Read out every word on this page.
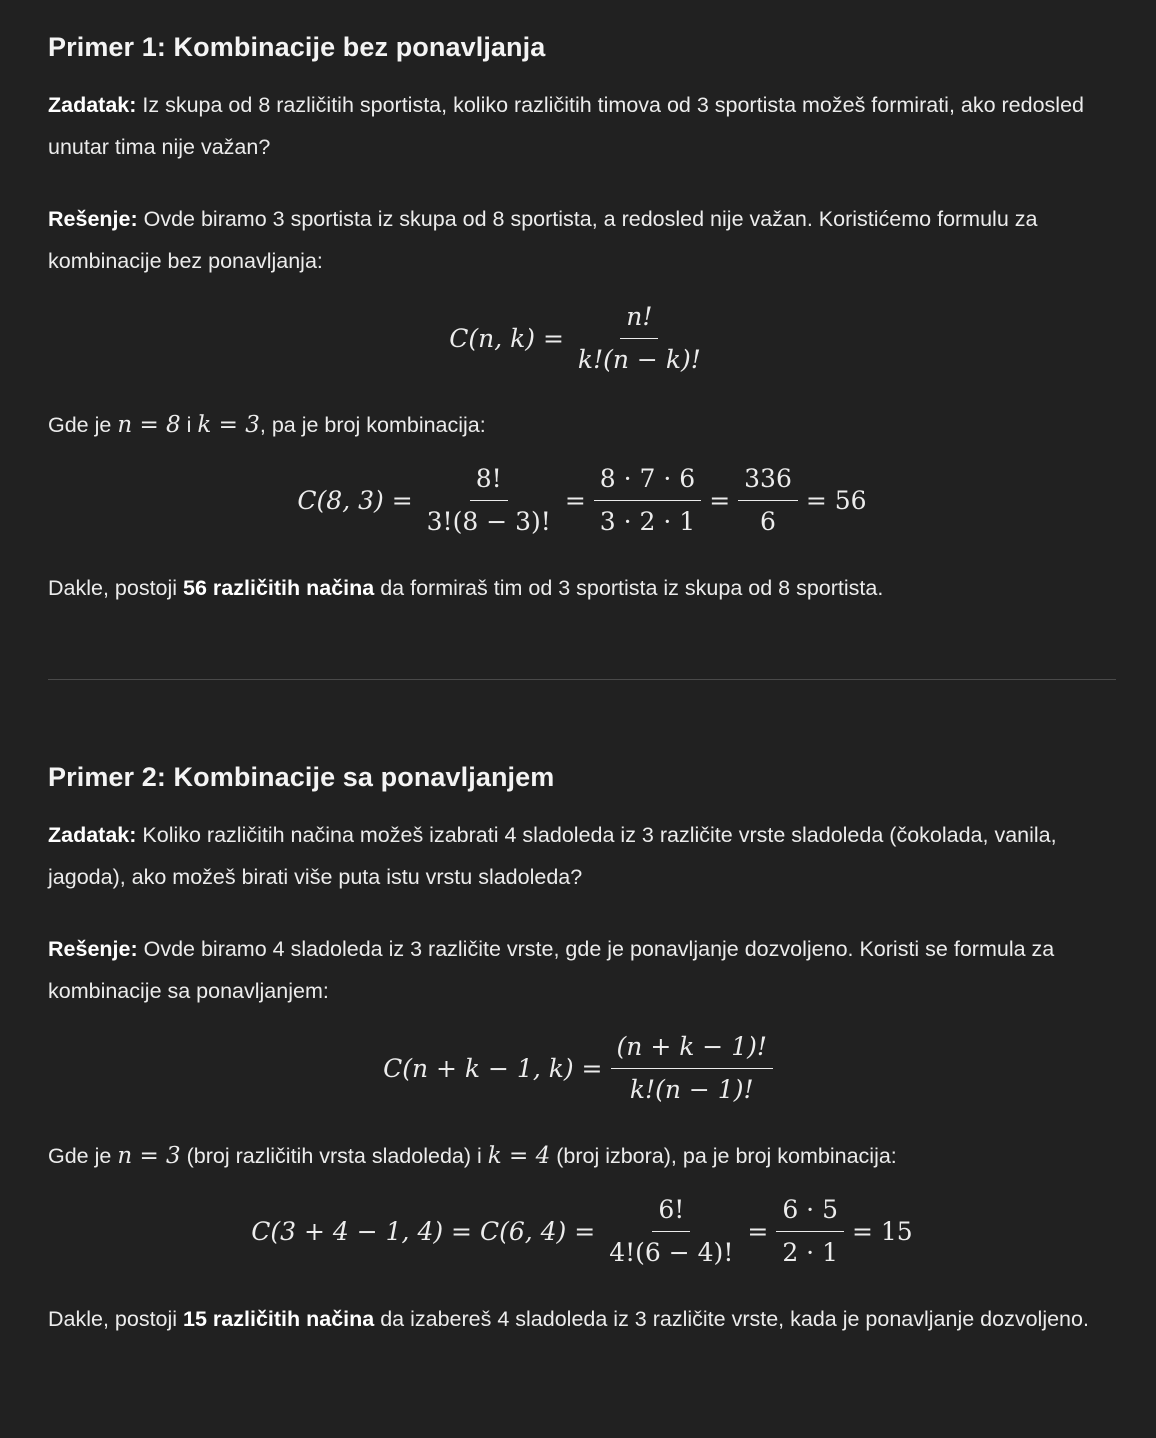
Primer 1: Kombinacije bez ponavljanja
Zadatak: Iz skupa od 8 različitih sportista, koliko različitih timova od 3 sportista možeš formirati, ako redosled unutar tima nije važan?
Rešenje: Ovde biramo 3 sportista iz skupa od 8 sportista, a redosled nije važan. Koristićemo formulu za kombinacije bez ponavljanja:
C(n, $k) = \frac{n!}{k!(n - k)!}$
Gde je n = 8 i k = 3, pa je broj kombinacija:
C(8, $3) = \frac{8!}{3!(8 - 3)!} = \frac{8 \cdot 7 \cdot 6}{3 \cdot 2 \cdot 1} = \frac{336}{6} = 56$
Dakle, postoji 56 različitih načina da formiraš tim od 3 sportista iz skupa od 8 sportista.
Primer 2: Kombinacije sa ponavljanjem
Zadatak: Koliko različitih načina možeš izabrati 4 sladoleda iz 3 različite vrste sladoleda (čokolada, vanila, jagoda), ako možeš birati više puta istu vrstu sladoleda?
Rešenje: Ovde biramo 4 sladoleda iz 3 različite vrste, gde je ponavljanje dozvoljeno. Koristi se formula za kombinacije sa ponavljanjem:
C(n + k − 1, $k) = \frac{(n + k - 1)!}{k!(n - 1)!}$
Gde je n = 3 (broj različitih vrsta sladoleda) i k = 4 (broj izbora), pa je broj kombinacija:
C(3 + 4 − 1, 4) = C(6, $4) = \frac{6!}{4!(6 - 4)!} = \frac{6 \cdot 5}{2 \cdot 1} = 15$
Dakle, postoji 15 različitih načina da izabereš 4 sladoleda iz 3 različite vrste, kada je ponavljanje dozvoljeno.
